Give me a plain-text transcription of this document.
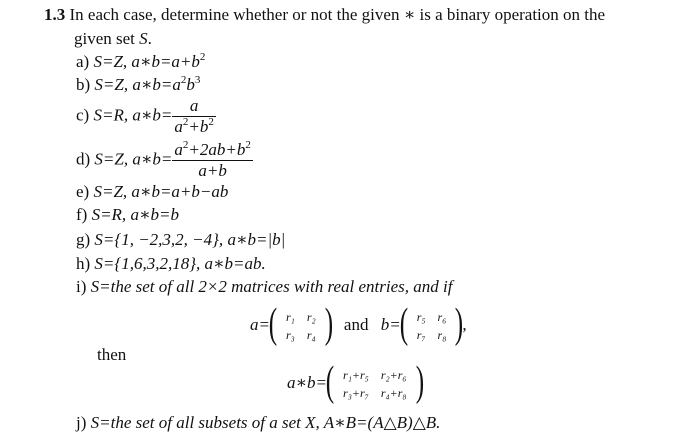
1.3 In each case, determine whether or not the given ∗ is a binary operation on the
given set S.
a) S=Z, $a∗b=a+b^2$
b) S=Z, $a∗b=a^2b^3$
c) S=R, a∗b= $\frac{a}{a^2+b^2}$
d) S=Z, a∗b= $\frac{a^2+2ab+b^2}{a+b}$
e) S=Z, a∗b=a+b−ab
f) S=R, a∗b=b
g) S={1, −2,3,2, −4}, a∗b=|b|
h) S={1,6,3,2,18}, a∗b=ab.
i) S=the set of all 2×2 matrices with real entries, and if
a=
( r₁	r₂
r₃	r₄ ) and b=
( r₅	r₆
r₇	r₈ )
,
then
a∗b=
( r₁+r₅	r₂+r₆
r₃+r₇	r₄+r₈ )
j) S=the set of all subsets of a set X, A∗B=(A△B)△B.
